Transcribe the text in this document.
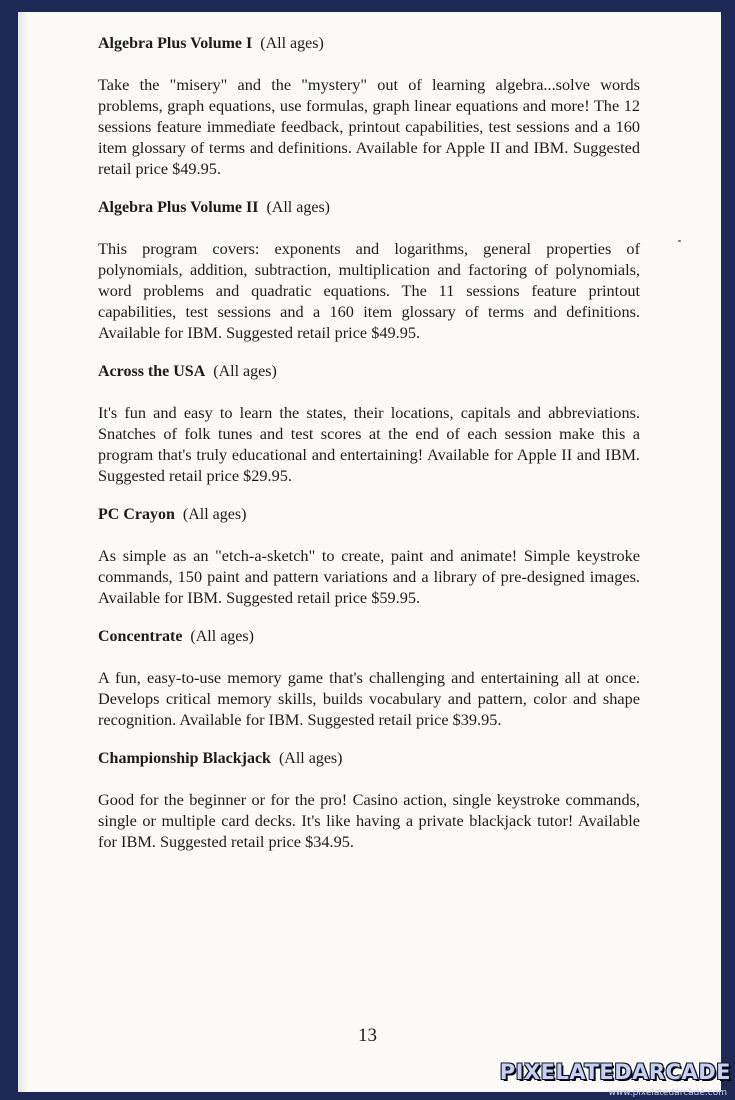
Algebra Plus Volume I (All ages)

Take the "misery" and the "mystery" out of learning algebra...solve words problems, graph equations, use formulas, graph linear equations and more! The 12 sessions feature immediate feedback, printout capabilities, test sessions and a 160 item glossary of terms and definitions. Available for Apple II and IBM. Suggested retail price $49.95.

Algebra Plus Volume II (All ages)

This program covers: exponents and logarithms, general properties of polynomials, addition, subtraction, multiplication and factoring of polynomials, word problems and quadratic equations. The 11 sessions feature printout capabilities, test sessions and a 160 item glossary of terms and definitions. Available for IBM. Suggested retail price $49.95.

Across the USA (All ages)

It's fun and easy to learn the states, their locations, capitals and abbreviations. Snatches of folk tunes and test scores at the end of each session make this a program that's truly educational and entertaining! Available for Apple II and IBM. Suggested retail price $29.95.

PC Crayon (All ages)

As simple as an "etch-a-sketch" to create, paint and animate! Simple keystroke commands, 150 paint and pattern variations and a library of pre-designed images. Available for IBM. Suggested retail price $59.95.

Concentrate (All ages)

A fun, easy-to-use memory game that's challenging and entertaining all at once. Develops critical memory skills, builds vocabulary and pattern, color and shape recognition. Available for IBM. Suggested retail price $39.95.

Championship Blackjack (All ages)

Good for the beginner or for the pro! Casino action, single keystroke commands, single or multiple card decks. It's like having a private blackjack tutor! Available for IBM. Suggested retail price $34.95.

13
PIXELATEDARCADE
www.pixelatedarcade.com
